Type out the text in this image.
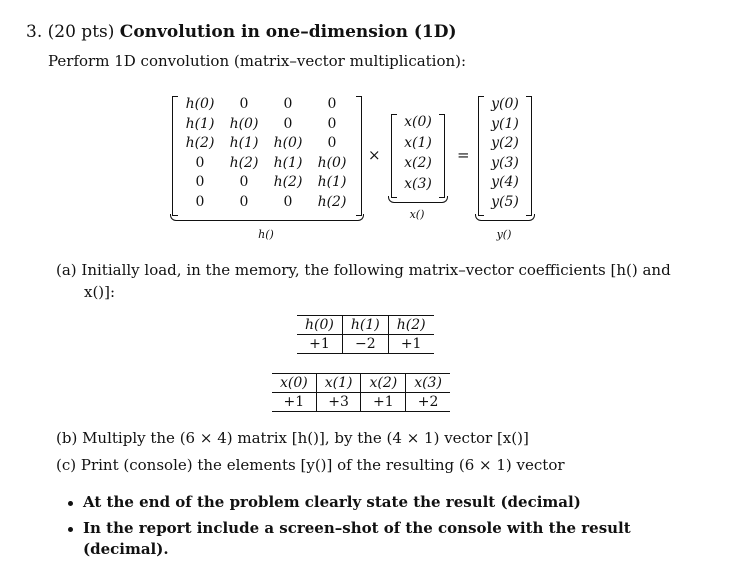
3. (20 pts) Convolution in one–dimension (1D)
Perform 1D convolution (matrix–vector multiplication):
h(0)	0	0	0
h(1)	h(0)	0	0
h(2)	h(1)	h(0)	0
0	h(2)	h(1)	h(0)
0	0	h(2)	h(1)
0	0	0	h(2)
×
x(0)
x(1)
x(2)
x(3)
=
y(0)
y(1)
y(2)
y(3)
y(4)
y(5)
h()
x()
y()
(a) Initially load, in the memory, the following matrix–vector coefficients [h() and
x()]:
h(0)	h(1)	h(2)
+1	−2	+1
x(0)	x(1)	x(2)	x(3)
+1	+3	+1	+2
(b) Multiply the (6 × 4) matrix [h()], by the (4 × 1) vector [x()]
(c) Print (console) the elements [y()] of the resulting (6 × 1) vector
At the end of the problem clearly state the result (decimal)
In the report include a screen–shot of the console with the result
(decimal).
